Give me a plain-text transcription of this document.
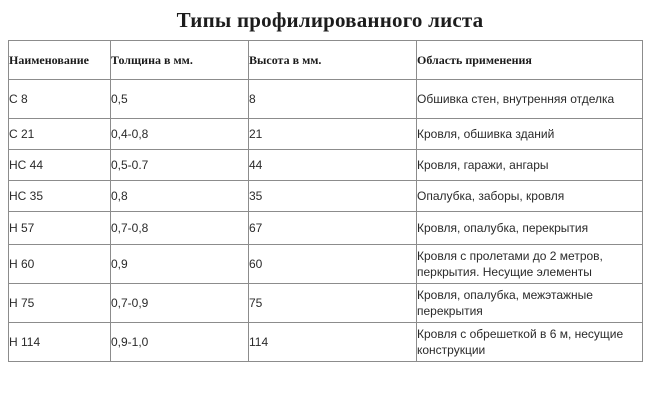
Типы профилированного листа
Наименование	Толщина в мм.	Высота в мм.	Область применения
С 8	0,5	8	Обшивка стен, внутренняя отделка
С 21	0,4-0,8	21	Кровля, обшивка зданий
НС 44	0,5-0.7	44	Кровля, гаражи, ангары
НС 35	0,8	35	Опалубка, заборы, кровля
Н 57	0,7-0,8	67	Кровля, опалубка, перекрытия
Н 60	0,9	60	Кровля с пролетами до 2 метров, перкрытия. Несущие элементы
Н 75	0,7-0,9	75	Кровля, опалубка, межэтажные перекрытия
Н 114	0,9-1,0	114	Кровля с обрешеткой в 6 м, несущие конструкции
